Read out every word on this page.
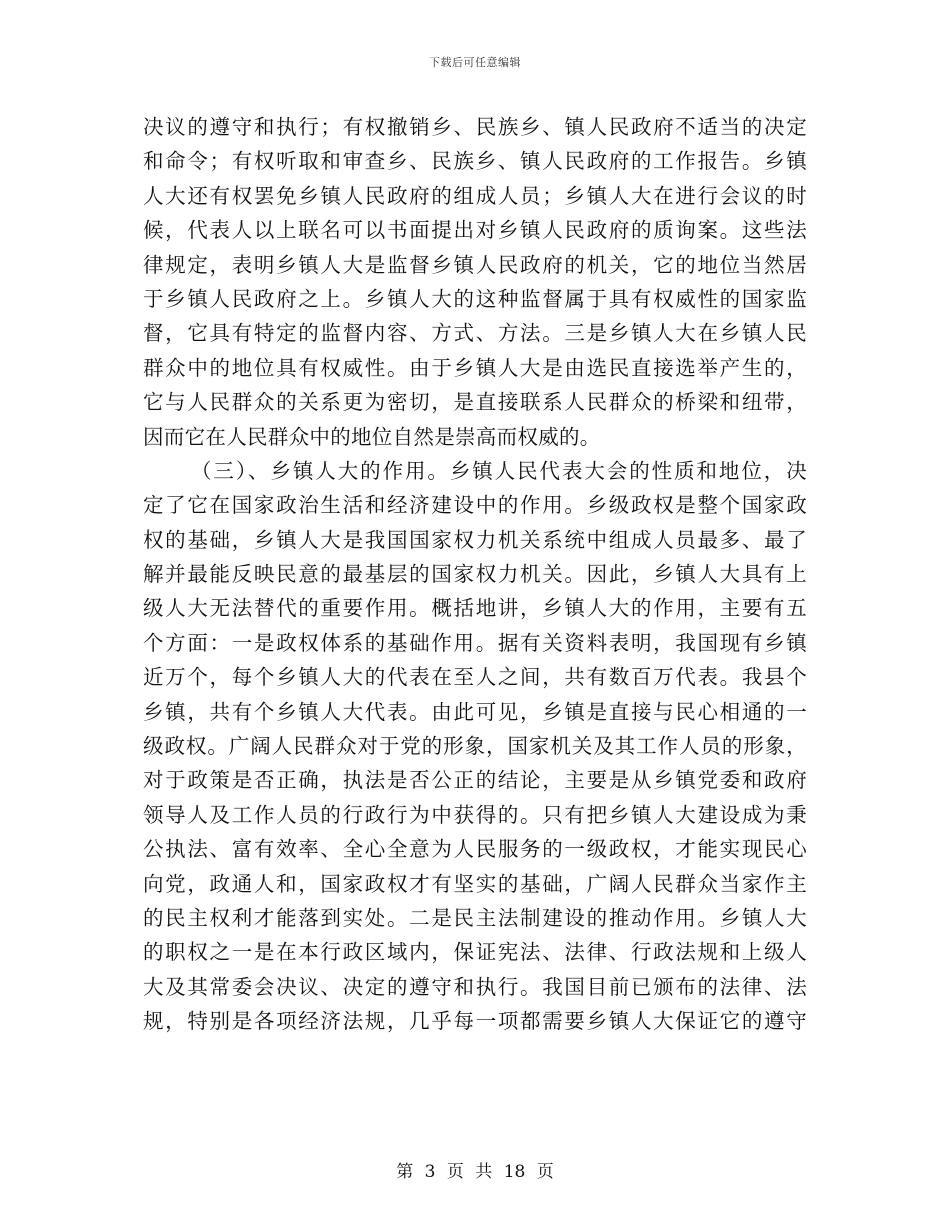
下载后可任意编辑
决议的遵守和执行；有权撤销乡、民族乡、镇人民政府不适当的决定
和命令；有权听取和审查乡、民族乡、镇人民政府的工作报告。乡镇
人大还有权罢免乡镇人民政府的组成人员；乡镇人大在进行会议的时
候，代表人以上联名可以书面提出对乡镇人民政府的质询案。这些法
律规定，表明乡镇人大是监督乡镇人民政府的机关，它的地位当然居
于乡镇人民政府之上。乡镇人大的这种监督属于具有权威性的国家监
督，它具有特定的监督内容、方式、方法。三是乡镇人大在乡镇人民
群众中的地位具有权威性。由于乡镇人大是由选民直接选举产生的，
它与人民群众的关系更为密切，是直接联系人民群众的桥梁和纽带，
因而它在人民群众中的地位自然是崇高而权威的。
（三）、乡镇人大的作用。乡镇人民代表大会的性质和地位，决
定了它在国家政治生活和经济建设中的作用。乡级政权是整个国家政
权的基础，乡镇人大是我国国家权力机关系统中组成人员最多、最了
解并最能反映民意的最基层的国家权力机关。因此，乡镇人大具有上
级人大无法替代的重要作用。概括地讲，乡镇人大的作用，主要有五
个方面：一是政权体系的基础作用。据有关资料表明，我国现有乡镇
近万个，每个乡镇人大的代表在至人之间，共有数百万代表。我县个
乡镇，共有个乡镇人大代表。由此可见，乡镇是直接与民心相通的一
级政权。广阔人民群众对于党的形象，国家机关及其工作人员的形象，
对于政策是否正确，执法是否公正的结论，主要是从乡镇党委和政府
领导人及工作人员的行政行为中获得的。只有把乡镇人大建设成为秉
公执法、富有效率、全心全意为人民服务的一级政权，才能实现民心
向党，政通人和，国家政权才有坚实的基础，广阔人民群众当家作主
的民主权利才能落到实处。二是民主法制建设的推动作用。乡镇人大
的职权之一是在本行政区域内，保证宪法、法律、行政法规和上级人
大及其常委会决议、决定的遵守和执行。我国目前已颁布的法律、法
规，特别是各项经济法规，几乎每一项都需要乡镇人大保证它的遵守
第 3 页 共 18 页
